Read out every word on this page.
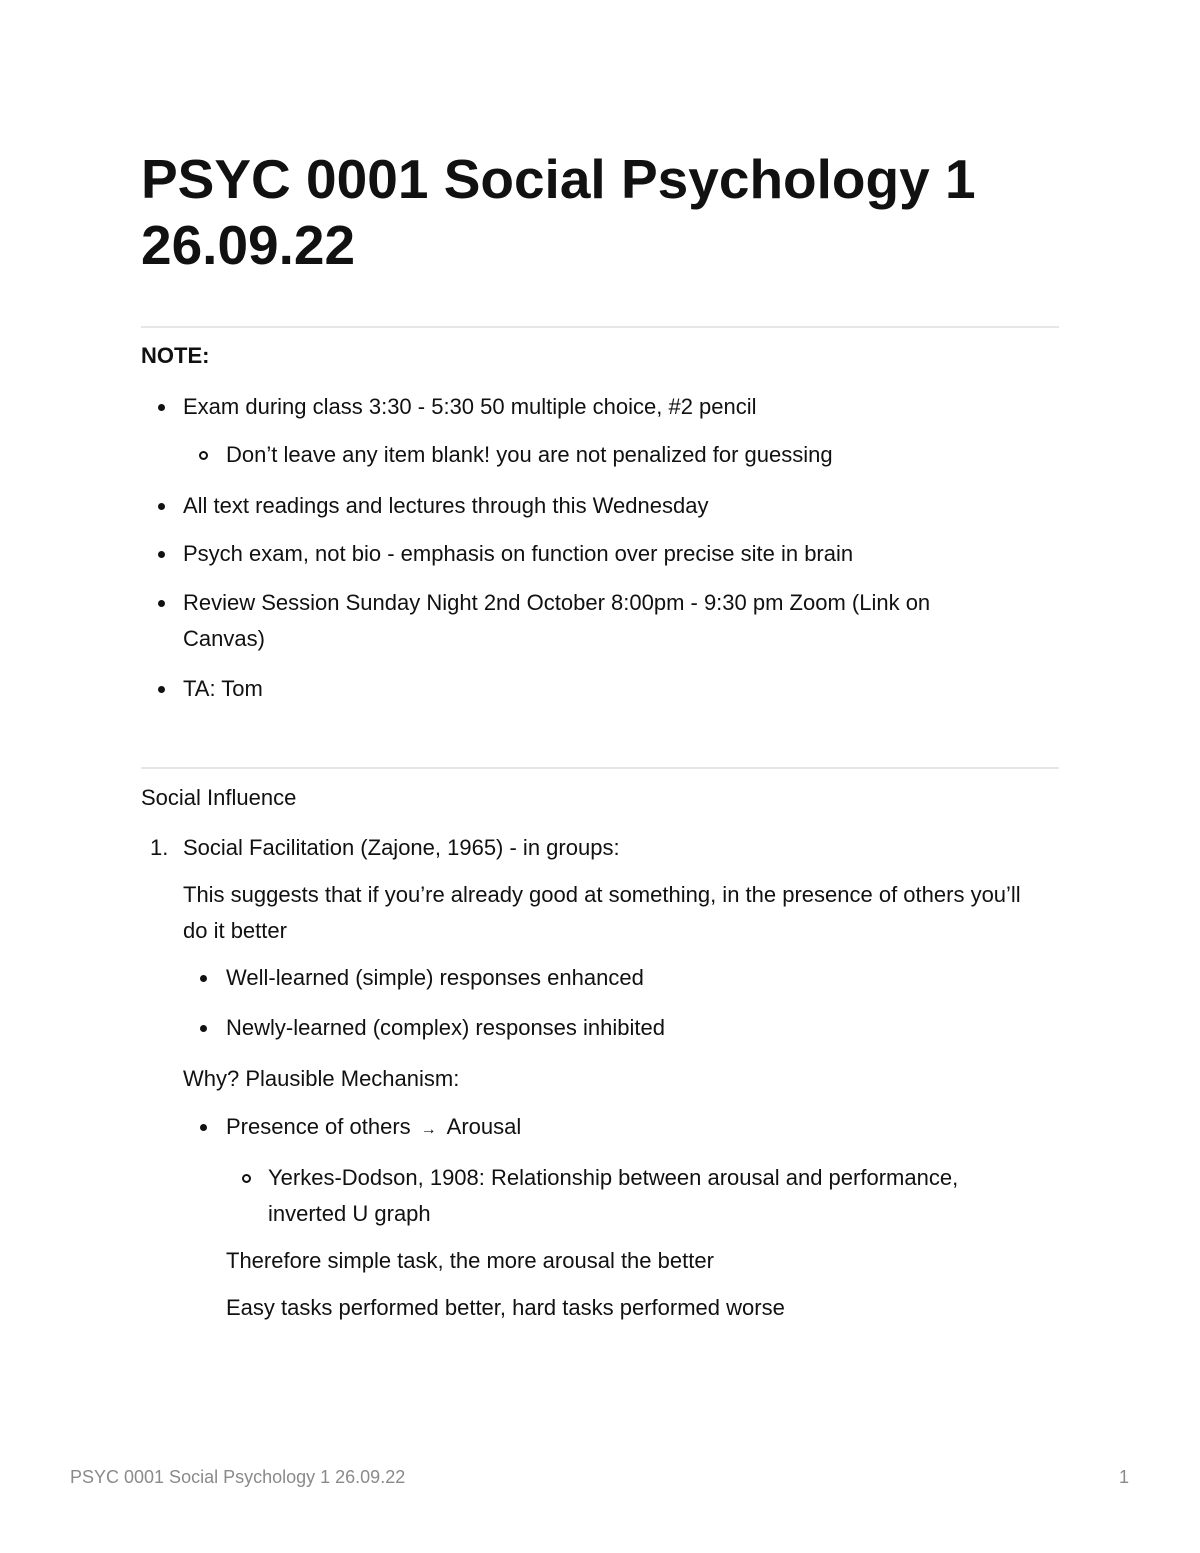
PSYC 0001 Social Psychology 1
26.09.22
NOTE:
Exam during class 3:30 - 5:30 50 multiple choice, #2 pencil
Don’t leave any item blank! you are not penalized for guessing
All text readings and lectures through this Wednesday
Psych exam, not bio - emphasis on function over precise site in brain
Review Session Sunday Night 2nd October 8:00pm - 9:30 pm Zoom (Link on Canvas)
TA: Tom
Social Influence
1. Social Facilitation (Zajone, 1965) - in groups:
This suggests that if you’re already good at something, in the presence of others you’ll do it better
Well-learned (simple) responses enhanced
Newly-learned (complex) responses inhibited
Why? Plausible Mechanism:
Presence of others → Arousal
Yerkes-Dodson, 1908: Relationship between arousal and performance, inverted U graph
Therefore simple task, the more arousal the better
Easy tasks performed better, hard tasks performed worse
PSYC 0001 Social Psychology 1 26.09.22	1
